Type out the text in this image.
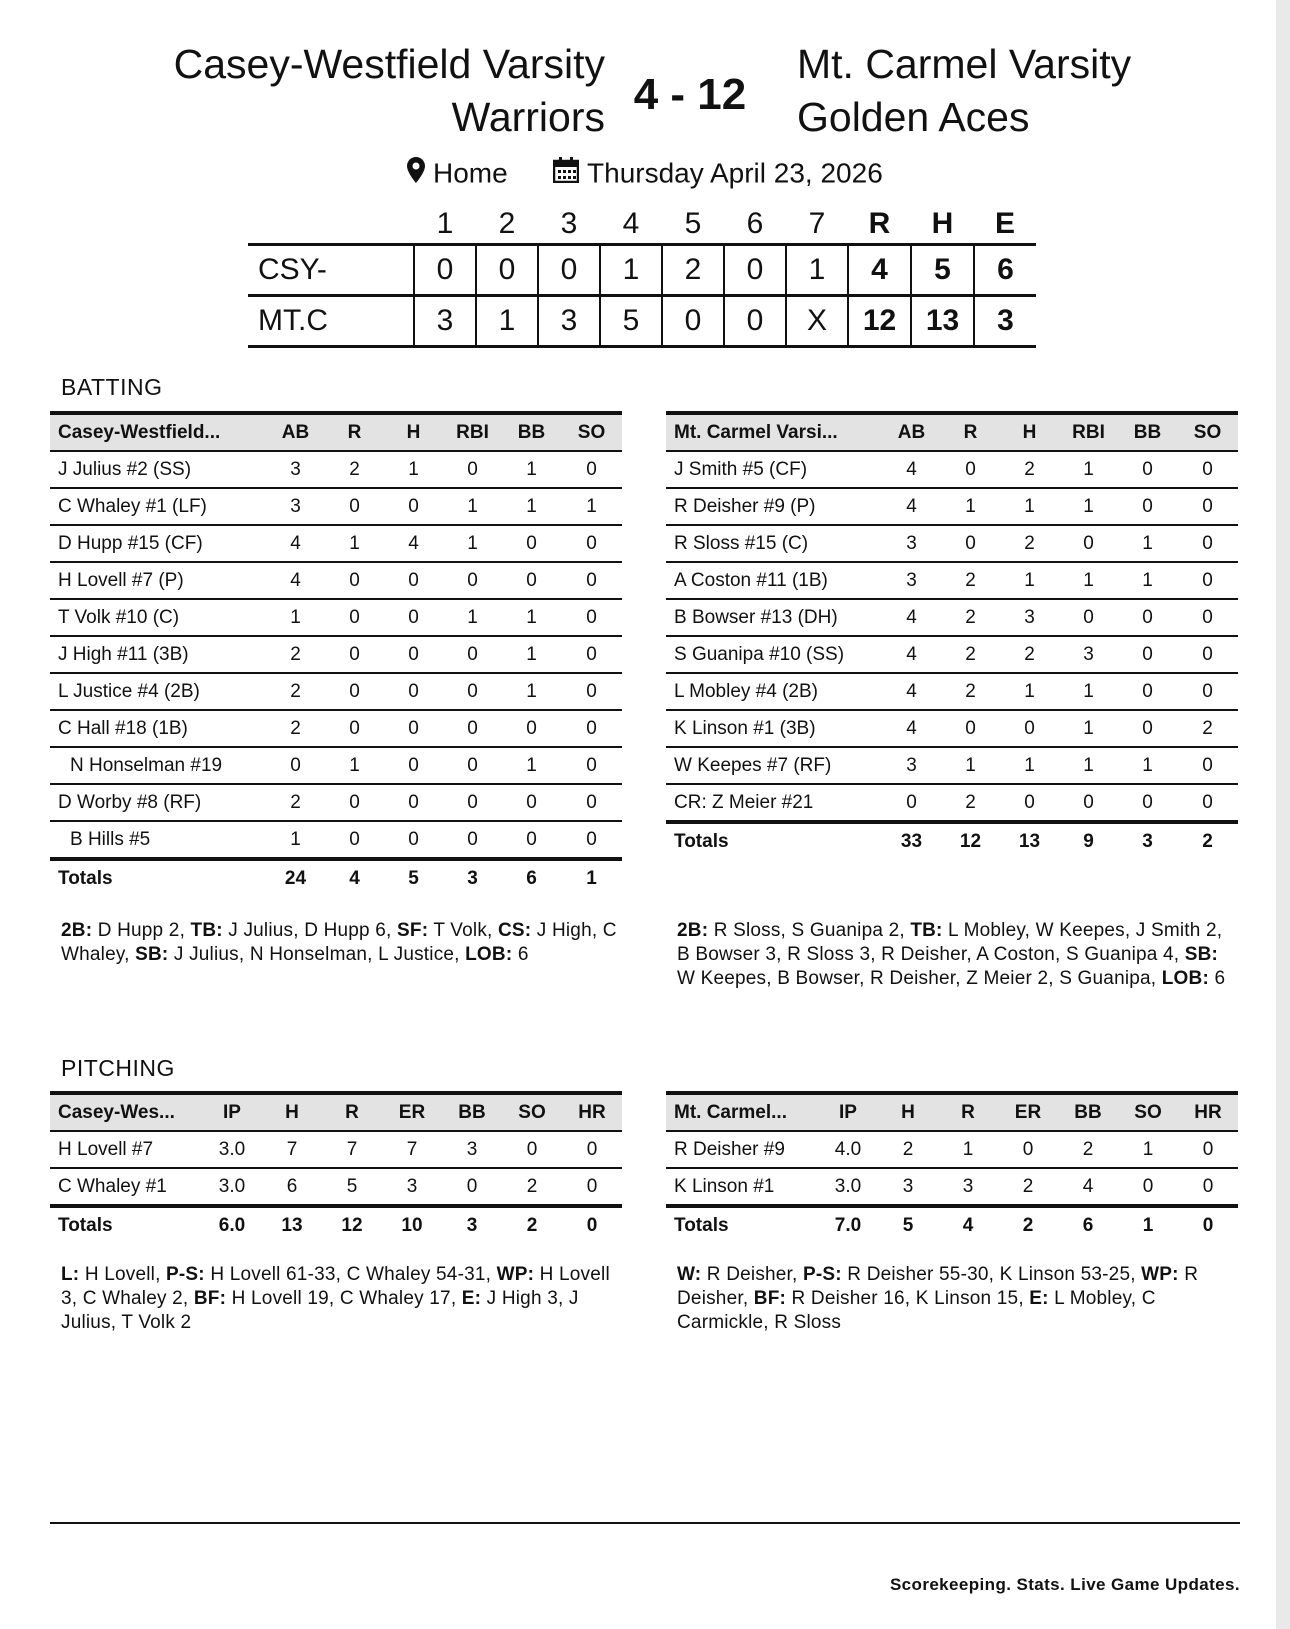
Casey-Westfield Varsity
Warriors 4 - 12
Mt. Carmel Varsity
Golden Aces
Home	Thursday April 23, 2026
	1	2	3	4	5	6	7	R	H	E
CSY-	0	0	0	1	2	0	1	4	5	6
MT.C	3	1	3	5	0	0	X	12	13	3
BATTING
Casey-Westfield...	AB	R	H	RBI	BB	SO
J Julius #2 (SS)	3	2	1	0	1	0
C Whaley #1 (LF)	3	0	0	1	1	1
D Hupp #15 (CF)	4	1	4	1	0	0
H Lovell #7 (P)	4	0	0	0	0	0
T Volk #10 (C)	1	0	0	1	1	0
J High #11 (3B)	2	0	0	0	1	0
L Justice #4 (2B)	2	0	0	0	1	0
C Hall #18 (1B)	2	0	0	0	0	0
N Honselman #19	0	1	0	0	1	0
D Worby #8 (RF)	2	0	0	0	0	0
B Hills #5	1	0	0	0	0	0
Totals	24	4	5	3	6	1
Mt. Carmel Varsi...	AB	R	H	RBI	BB	SO
J Smith #5 (CF)	4	0	2	1	0	0
R Deisher #9 (P)	4	1	1	1	0	0
R Sloss #15 (C)	3	0	2	0	1	0
A Coston #11 (1B)	3	2	1	1	1	0
B Bowser #13 (DH)	4	2	3	0	0	0
S Guanipa #10 (SS)	4	2	2	3	0	0
L Mobley #4 (2B)	4	2	1	1	0	0
K Linson #1 (3B)	4	0	0	1	0	2
W Keepes #7 (RF)	3	1	1	1	1	0
CR: Z Meier #21	0	2	0	0	0	0
Totals	33	12	13	9	3	2
2B: D Hupp 2, TB: J Julius, D Hupp 6, SF: T Volk, CS: J High, C Whaley, SB: J Julius, N Honselman, L Justice, LOB: 6
2B: R Sloss, S Guanipa 2, TB: L Mobley, W Keepes, J Smith 2, B Bowser 3, R Sloss 3, R Deisher, A Coston, S Guanipa 4, SB: W Keepes, B Bowser, R Deisher, Z Meier 2, S Guanipa, LOB: 6
PITCHING
Casey-Wes...	IP	H	R	ER	BB	SO	HR
H Lovell #7	3.0	7	7	7	3	0	0
C Whaley #1	3.0	6	5	3	0	2	0
Totals	6.0	13	12	10	3	2	0
Mt. Carmel...	IP	H	R	ER	BB	SO	HR
R Deisher #9	4.0	2	1	0	2	1	0
K Linson #1	3.0	3	3	2	4	0	0
Totals	7.0	5	4	2	6	1	0
L: H Lovell, P-S: H Lovell 61-33, C Whaley 54-31, WP: H Lovell 3, C Whaley 2, BF: H Lovell 19, C Whaley 17, E: J High 3, J Julius, T Volk 2
W: R Deisher, P-S: R Deisher 55-30, K Linson 53-25, WP: R Deisher, BF: R Deisher 16, K Linson 15, E: L Mobley, C Carmickle, R Sloss
Scorekeeping. Stats. Live Game Updates.
